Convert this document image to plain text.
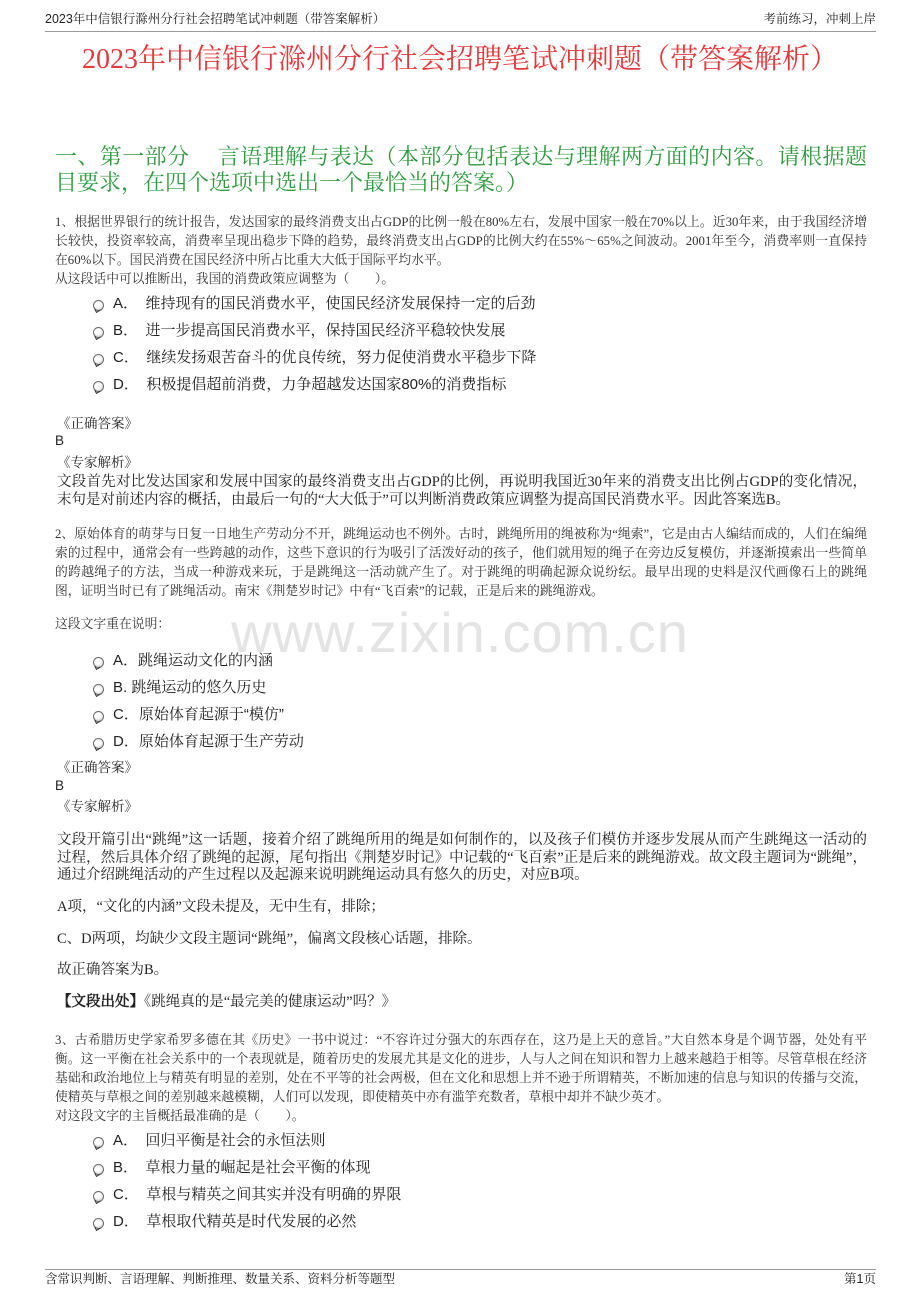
www.zixin.com.cn
2023年中信银行滁州分行社会招聘笔试冲刺题（带答案解析）	考前练习，冲刺上岸
2023年中信银行滁州分行社会招聘笔试冲刺题（带答案解析）
一、第一部分　 言语理解与表达（本部分包括表达与理解两方面的内容。请根据题目要求，在四个选项中选出一个最恰当的答案。）

1、根据世界银行的统计报告，发达国家的最终消费支出占GDP的比例一般在80%左右，发展中国家一般在70%以上。近30年来，由于我国经济增长较快，投资率较高，消费率呈现出稳步下降的趋势，最终消费支出占GDP的比例大约在55%～65%之间波动。2001年至今，消费率则一直保持在60%以下。国民消费在国民经济中所占比重大大低于国际平均水平。

从这段话中可以推断出，我国的消费政策应调整为（　　）。

A．　维持现有的国民消费水平，使国民经济发展保持一定的后劲
B．　进一步提高国民消费水平，保持国民经济平稳较快发展
C．　继续发扬艰苦奋斗的优良传统，努力促使消费水平稳步下降
D．　积极提倡超前消费，力争超越发达国家80%的消费指标
《正确答案》
B
《专家解析》
文段首先对比发达国家和发展中国家的最终消费支出占GDP的比例，再说明我国近30年来的消费支出比例占GDP的变化情况，末句是对前述内容的概括，由最后一句的“大大低于”可以判断消费政策应调整为提高国民消费水平。因此答案选B。

2、原始体育的萌芽与日复一日地生产劳动分不开，跳绳运动也不例外。古时，跳绳所用的绳被称为“绳索”，它是由古人编结而成的，人们在编绳索的过程中，通常会有一些跨越的动作，这些下意识的行为吸引了活泼好动的孩子，他们就用短的绳子在旁边反复模仿，并逐渐摸索出一些简单的跨越绳子的方法，当成一种游戏来玩，于是跳绳这一活动就产生了。对于跳绳的明确起源众说纷纭。最早出现的史料是汉代画像石上的跳绳图，证明当时已有了跳绳活动。南宋《荆楚岁时记》中有“飞百索”的记载，正是后来的跳绳游戏。

这段文字重在说明：

A．跳绳运动文化的内涵
B. 跳绳运动的悠久历史
C．原始体育起源于“模仿”
D．原始体育起源于生产劳动
《正确答案》
B
《专家解析》
文段开篇引出“跳绳”这一话题，接着介绍了跳绳所用的绳是如何制作的，以及孩子们模仿并逐步发展从而产生跳绳这一活动的过程，然后具体介绍了跳绳的起源，尾句指出《荆楚岁时记》中记载的“飞百索”正是后来的跳绳游戏。故文段主题词为“跳绳”，通过介绍跳绳活动的产生过程以及起源来说明跳绳运动具有悠久的历史，对应B项。
A项，“文化的内涵”文段未提及，无中生有，排除；
C、D两项，均缺少文段主题词“跳绳”，偏离文段核心话题，排除。
故正确答案为B。
【文段出处】《跳绳真的是“最完美的健康运动”吗？》

3、古希腊历史学家希罗多德在其《历史》一书中说过：“不容许过分强大的东西存在，这乃是上天的意旨。”大自然本身是个调节器，处处有平衡。这一平衡在社会关系中的一个表现就是，随着历史的发展尤其是文化的进步，人与人之间在知识和智力上越来越趋于相等。尽管草根在经济基础和政治地位上与精英有明显的差别，处在不平等的社会两极，但在文化和思想上并不逊于所谓精英，不断加速的信息与知识的传播与交流，使精英与草根之间的差别越来越模糊，人们可以发现，即使精英中亦有滥竽充数者，草根中却并不缺少英才。

对这段文字的主旨概括最准确的是（　　）。

A．　回归平衡是社会的永恒法则
B．　草根力量的崛起是社会平衡的体现
C．　草根与精英之间其实并没有明确的界限
D．　草根取代精英是时代发展的必然
含常识判断、言语理解、判断推理、数量关系、资料分析等题型	第1页
